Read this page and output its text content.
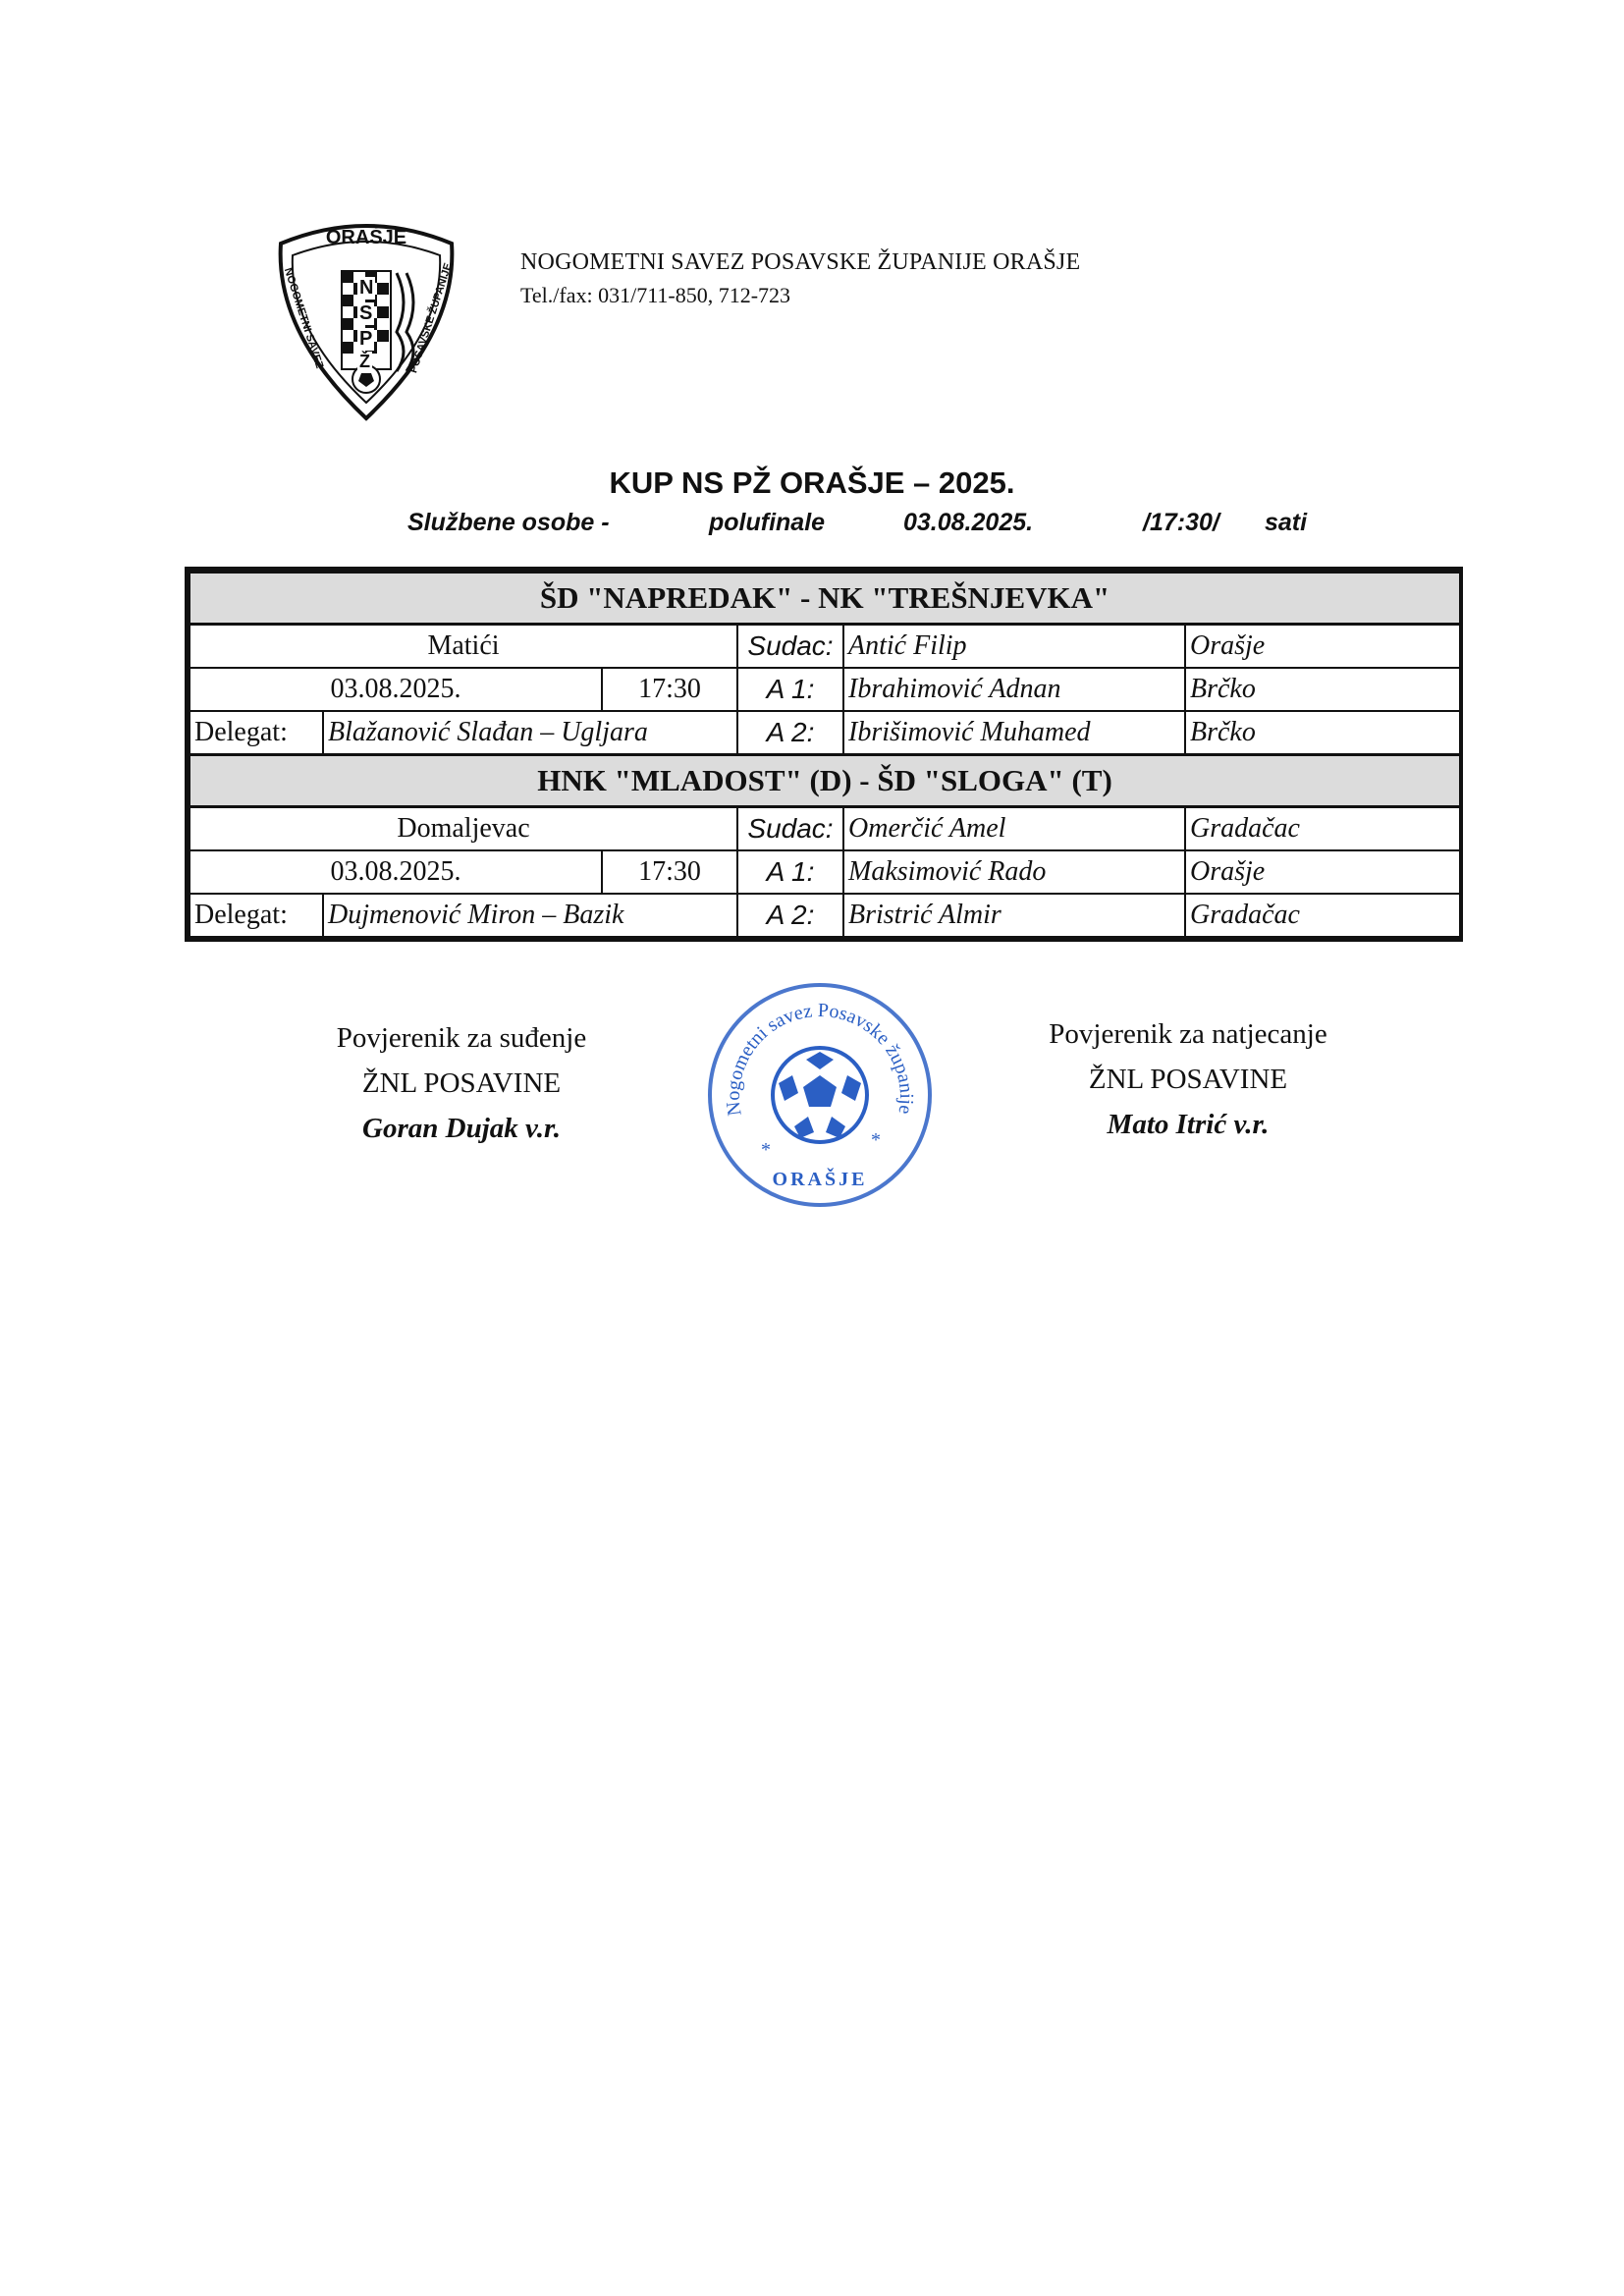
ORAŠJE
NOGOMETNI SAVEZ	POSAVSKE ŽUPANIJE
N
S
P
Ž
NOGOMETNI SAVEZ POSAVSKE ŽUPANIJE ORAŠJE
Tel./fax: 031/711-850, 712-723
KUP NS PŽ ORAŠJE – 2025.
Službene osobe -	polufinale	03.08.2025.	/17:30/ sati
ŠD "NAPREDAK" - NK "TREŠNJEVKA"					
Matići			Sudac:	Antić Filip	Orašje
03.08.2025.		17:30	A 1:	Ibrahimović Adnan	Brčko
Delegat:	Blažanović Slađan – Ugljara		A 2:	Ibrišimović Muhamed	Brčko
HNK "MLADOST" (D) - ŠD "SLOGA" (T)					
Domaljevac			Sudac:	Omerčić Amel	Gradačac
03.08.2025.		17:30	A 1:	Maksimović Rado	Orašje
Delegat:	Dujmenović Miron – Bazik		A 2:	Bristrić Almir	Gradačac
Povjerenik za suđenje
ŽNL POSAVINE
Goran Dujak v.r.
Povjerenik za natjecanje
ŽNL POSAVINE
Mato Itrić v.r.
Nogometni savez Posavske županije
*	*
ORAŠJE
